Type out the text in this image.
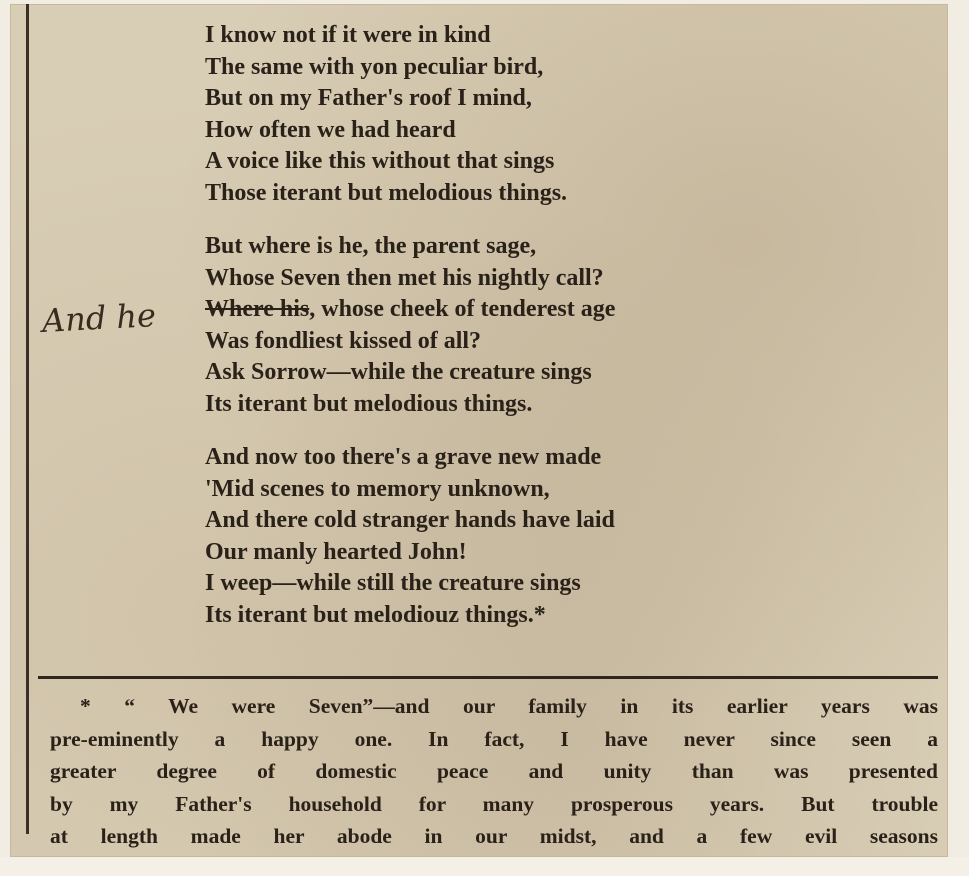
And he
I know not if it were in kind
The same with yon peculiar bird,
But on my Father's roof I mind,
How often we had heard
A voice like this without that sings
Those iterant but melodious things.
But where is he, the parent sage,
Whose Seven then met his nightly call?
Where his, whose cheek of tenderest age
Was fondliest kissed of all?
Ask Sorrow—while the creature sings
Its iterant but melodious things.
And now too there's a grave new made
'Mid scenes to memory unknown,
And there cold stranger hands have laid
Our manly hearted John!
I weep—while still the creature sings
Its iterant but melodiouz things.*
* “ We were Seven”—and our family in its earlier years was
pre-eminently a happy one. In fact, I have never since seen a
greater degree of domestic peace and unity than was presented
by my Father's household for many prosperous years. But trouble
at length made her abode in our midst, and a few evil seasons
